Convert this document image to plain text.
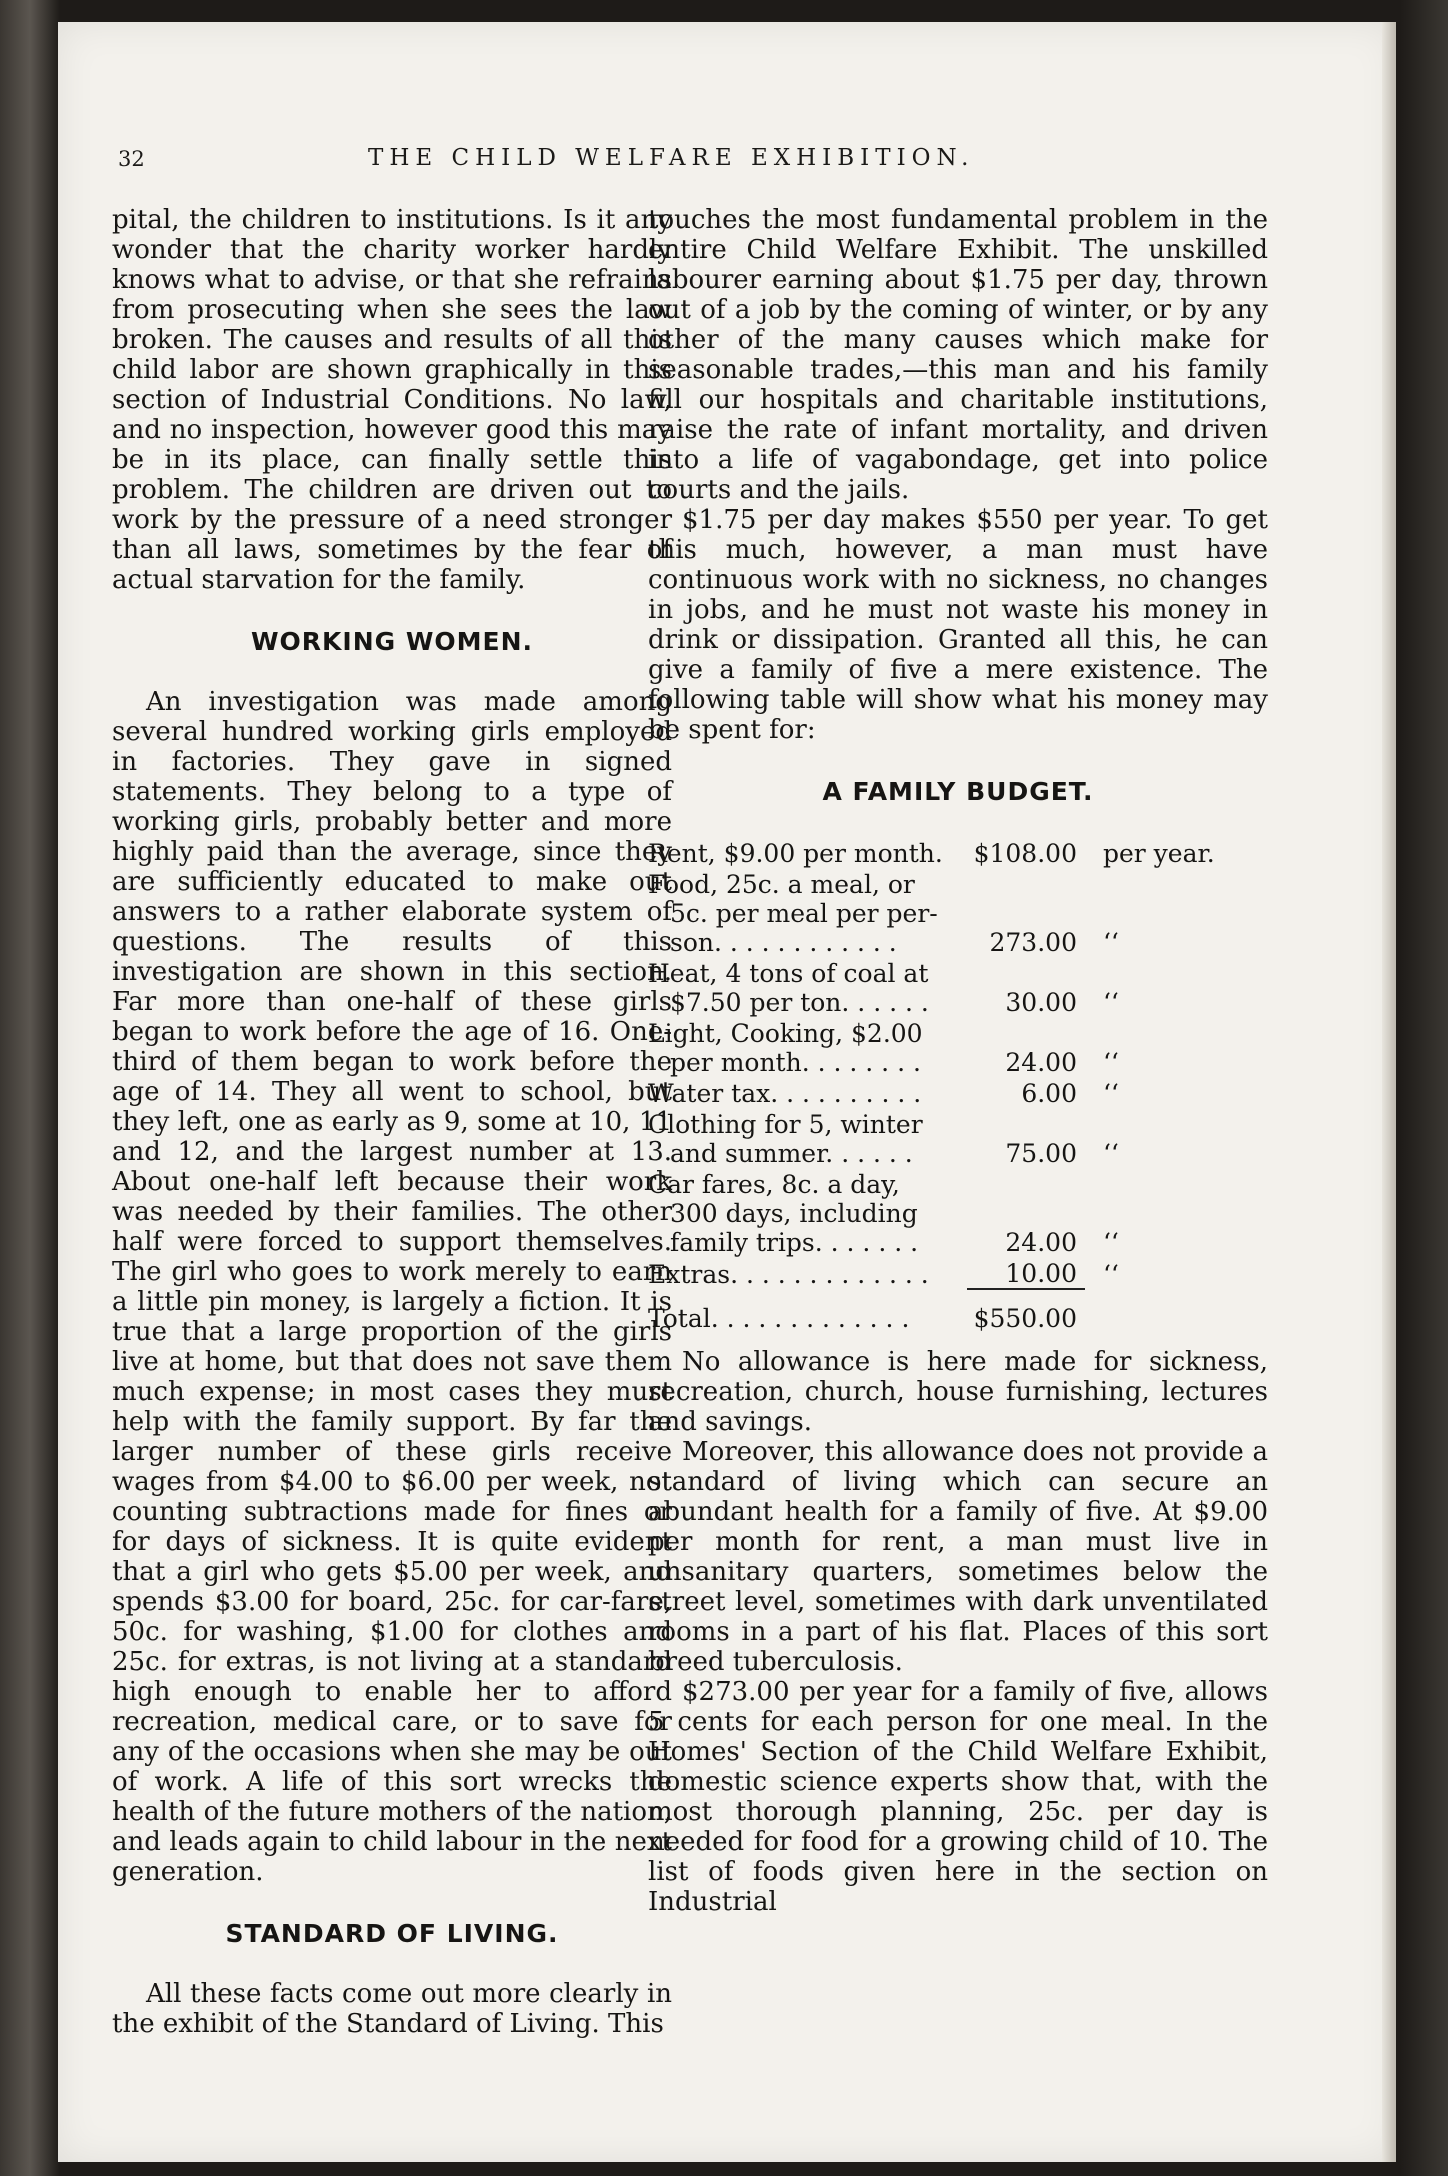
32	THE CHILD WELFARE EXHIBITION.

pital, the children to institutions. Is it any wonder that the charity worker hardly knows what to advise, or that she refrains from prosecuting when she sees the law broken. The causes and results of all this child labor are shown graphically in this section of Industrial Conditions. No law, and no inspection, however good this may be in its place, can finally settle this problem. The children are driven out to work by the pressure of a need stronger than all laws, sometimes by the fear of actual starvation for the family.

WORKING WOMEN.

An investigation was made among several hundred working girls employed in factories. They gave in signed statements. They belong to a type of working girls, probably better and more highly paid than the average, since they are sufficiently educated to make out answers to a rather elaborate system of questions. The results of this investigation are shown in this section. Far more than one-half of these girls began to work before the age of 16. One-third of them began to work before the age of 14. They all went to school, but they left, one as early as 9, some at 10, 11 and 12, and the largest number at 13. About one-half left because their work was needed by their families. The other half were forced to support themselves. The girl who goes to work merely to earn a little pin money, is largely a fiction. It is true that a large proportion of the girls live at home, but that does not save them much expense; in most cases they must help with the family support. By far the larger number of these girls receive wages from $4.00 to $6.00 per week, not counting subtractions made for fines or for days of sickness. It is quite evident that a girl who gets $5.00 per week, and spends $3.00 for board, 25c. for car-fare, 50c. for washing, $1.00 for clothes and 25c. for extras, is not living at a standard high enough to enable her to afford recreation, medical care, or to save for any of the occasions when she may be out of work. A life of this sort wrecks the health of the future mothers of the nation, and leads again to child labour in the next generation.

STANDARD OF LIVING.

All these facts come out more clearly in the exhibit of the Standard of Living. This

touches the most fundamental problem in the entire Child Welfare Exhibit. The unskilled labourer earning about $1.75 per day, thrown out of a job by the coming of winter, or by any other of the many causes which make for seasonable trades,—this man and his family fill our hospitals and charitable institutions, raise the rate of infant mortality, and driven into a life of vagabondage, get into police courts and the jails.

$1.75 per day makes $550 per year. To get this much, however, a man must have continuous work with no sickness, no changes in jobs, and he must not waste his money in drink or dissipation. Granted all this, he can give a family of five a mere existence. The following table will show what his money may be spent for:

A FAMILY BUDGET.
Rent, $9.00 per month.	$108.00	per year.

Food, 25c. a meal, or
5c. per meal per per-
son. . . . . . . . . . . .	273.00	‘‘

Heat, 4 tons of coal at
$7.50 per ton. . . . . .	30.00	‘‘

Light, Cooking, $2.00
per month. . . . . . . .	24.00	‘‘

Water tax. . . . . . . . . .	6.00	‘‘

Clothing for 5, winter
and summer. . . . . .	75.00	‘‘

Car fares, 8c. a day,
300 days, including
family trips. . . . . . .	24.00	‘‘

Extras. . . . . . . . . . . . .	10.00	‘‘
Total. . . . . . . . . . . . .	$550.00	

No allowance is here made for sickness, recreation, church, house furnishing, lectures and savings.

Moreover, this allowance does not provide a standard of living which can secure an abundant health for a family of five. At $9.00 per month for rent, a man must live in unsanitary quarters, sometimes below the street level, sometimes with dark unventilated rooms in a part of his flat. Places of this sort breed tuberculosis.

$273.00 per year for a family of five, allows 5 cents for each person for one meal. In the Homes' Section of the Child Welfare Exhibit, domestic science experts show that, with the most thorough planning, 25c. per day is needed for food for a growing child of 10. The list of foods given here in the section on Industrial
